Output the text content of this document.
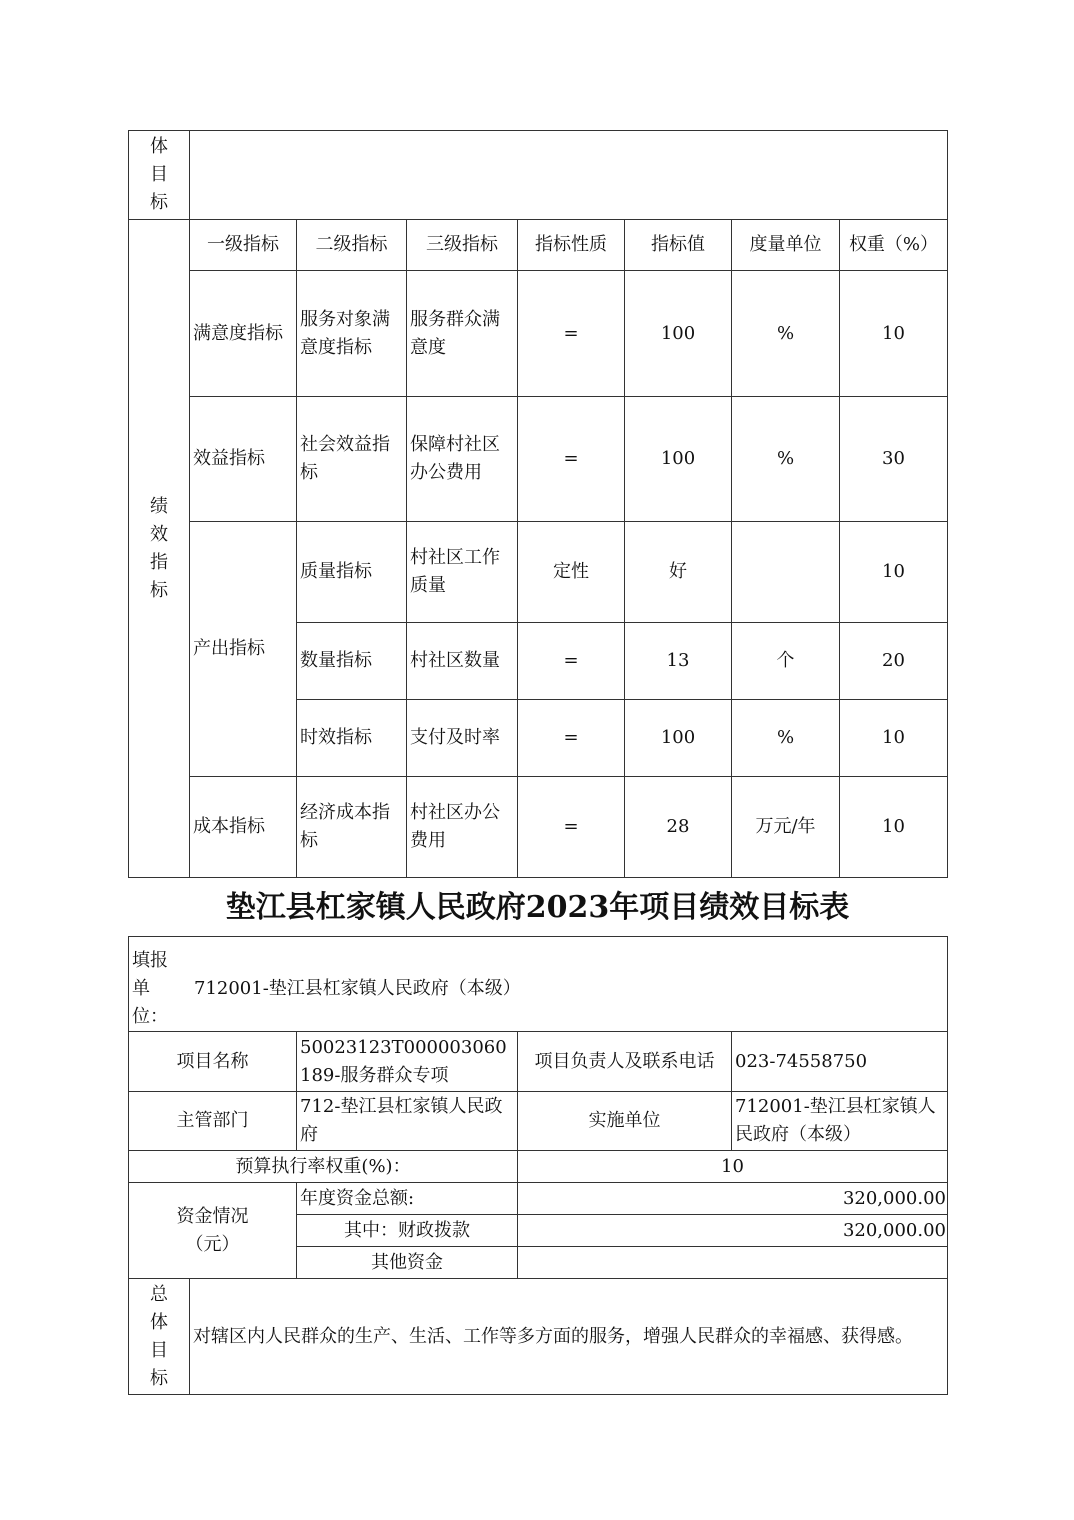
体目标							
绩效指标	一级指标	二级指标	三级指标	指标性质	指标值	度量单位	权重（%）
	满意度指标	服务对象满意度指标	服务群众满意度	=	100	%	10
	效益指标	社会效益指标	保障村社区办公费用	=	100	%	30
	产出指标	质量指标	村社区工作质量	定性	好		10
		数量指标	村社区数量	=	13	个	20
		时效指标	支付及时率	=	100	%	10
	成本指标	经济成本指标	村社区办公费用	=	28	万元/年	10
垫江县杠家镇人民政府2023年项目绩效目标表
填报单位：
712001-垫江县杠家镇人民政府（本级）				

项目名称		50023123T000003060189-服务群众专项	项目负责人及联系电话	023-74558750
主管部门		712-垫江县杠家镇人民政府	实施单位	712001-垫江县杠家镇人民政府（本级）
预算执行率权重(%)：			10	
资金情况（元）		年度资金总额:	320,000.00	
		其中：财政拨款	320,000.00	
		其他资金		
总体目标	对辖区内人民群众的生产、生活、工作等多方面的服务，增强人民群众的幸福感、获得感。			
